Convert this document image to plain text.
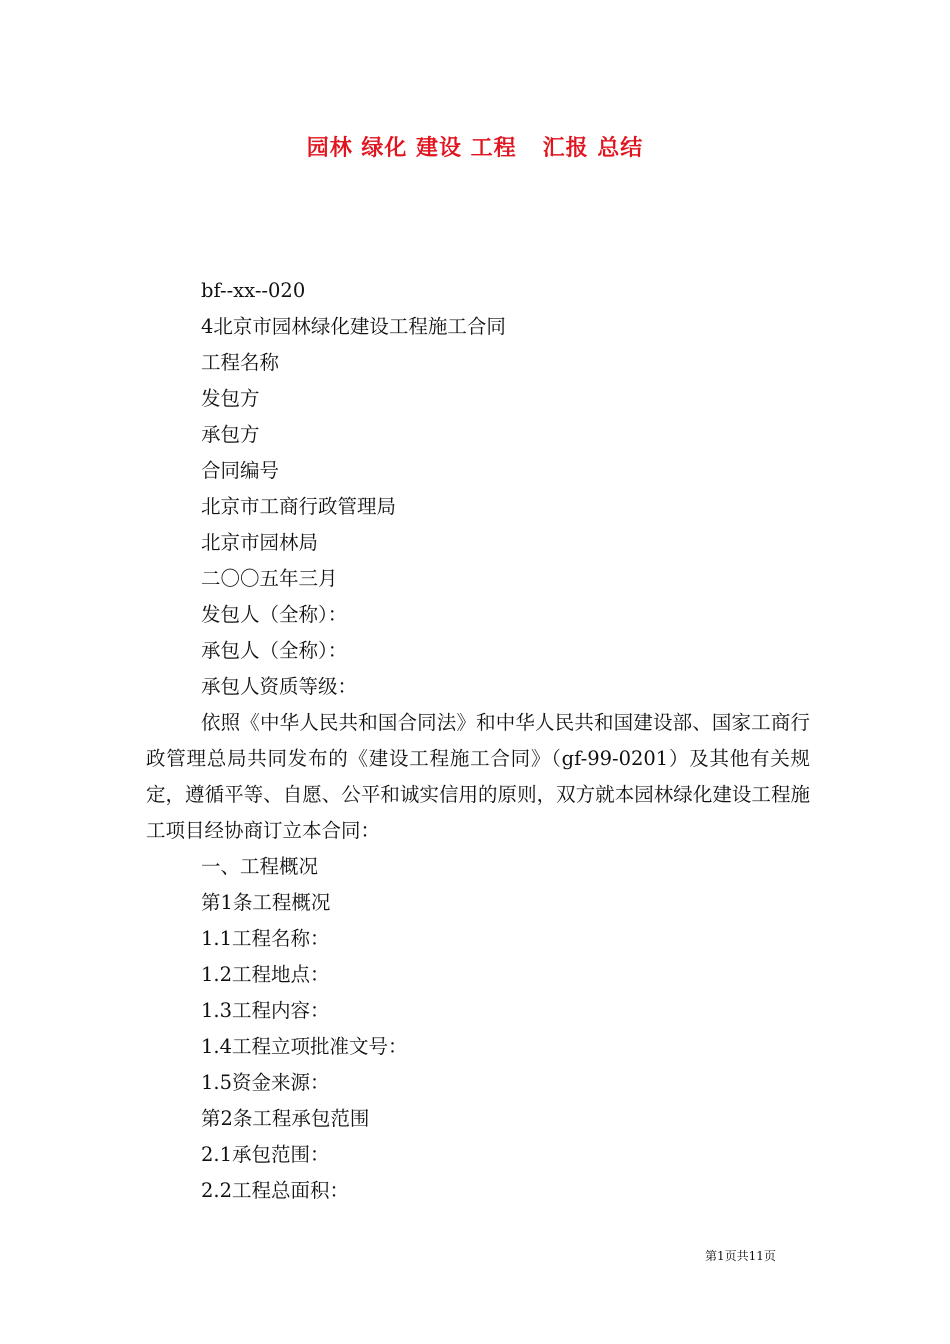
园林 绿化 建设 工程   汇报 总结

bf--xx--020

4北京市园林绿化建设工程施工合同

工程名称

发包方

承包方

合同编号

北京市工商行政管理局

北京市园林局

二〇〇五年三月

发包人（全称）：

承包人（全称）：

承包人资质等级：

依照《中华人民共和国合同法》和中华人民共和国建设部、国家工商行政管理总局共同发布的《建设工程施工合同》（gf-99-0201）及其他有关规定，遵循平等、自愿、公平和诚实信用的原则，双方就本园林绿化建设工程施工项目经协商订立本合同：

一、工程概况

第1条工程概况

1.1工程名称：

1.2工程地点：

1.3工程内容：

1.4工程立项批准文号：

1.5资金来源：

第2条工程承包范围

2.1承包范围：

2.2工程总面积：

第1页共11页
